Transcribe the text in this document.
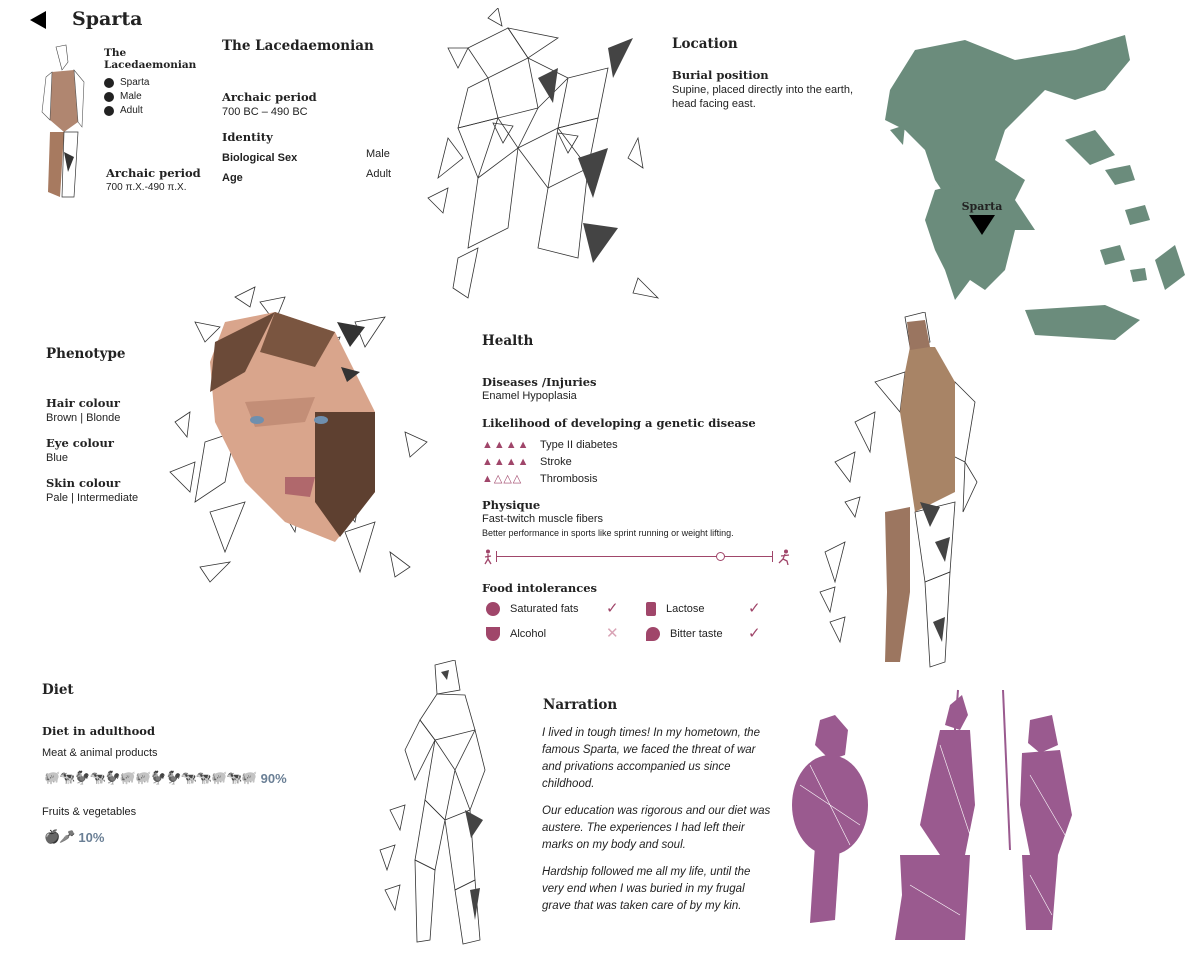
Sparta
The
Lacedaemonian
Sparta
Male
Adult
Archaic period
700 π.Χ.-490 π.Χ.
The Lacedaemonian
Archaic period
700 BC – 490 BC
Identity
Biological Sex	Male
Age	Adult
Location
Burial position
Supine, placed directly into the earth, head facing east.
Sparta
Phenotype
Hair colour
Brown | Blonde
Eye colour
Blue
Skin colour
Pale | Intermediate
Health
Diseases /Injuries
Enamel Hypoplasia
Likelihood of developing a genetic disease
▲▲▲▲ Type II diabetes
▲▲▲▲ Stroke
▲△△△	Thrombosis
Physique
Fast-twitch muscle fibers
Better performance in sports like sprint running or weight lifting.
Food intolerances
Saturated fats ✓	Lactose	✓
Alcohol	✕	Bitter taste ✓
Diet
Diet in adulthood
Meat & animal products
🐖🐄🐓🐄🐓🐖🐖🐓🐓🐄🐄🐖🐄🐖 90%
Fruits & vegetables
🍎🥕 10%
Narration

I lived in tough times! In my hometown, the famous Sparta, we faced the threat of war and privations accompanied us since childhood.

Our education was rigorous and our diet was austere. The experiences I had left their marks on my body and soul.

Hardship followed me all my life, until the very end when I was buried in my frugal grave that was taken care of by my kin.
